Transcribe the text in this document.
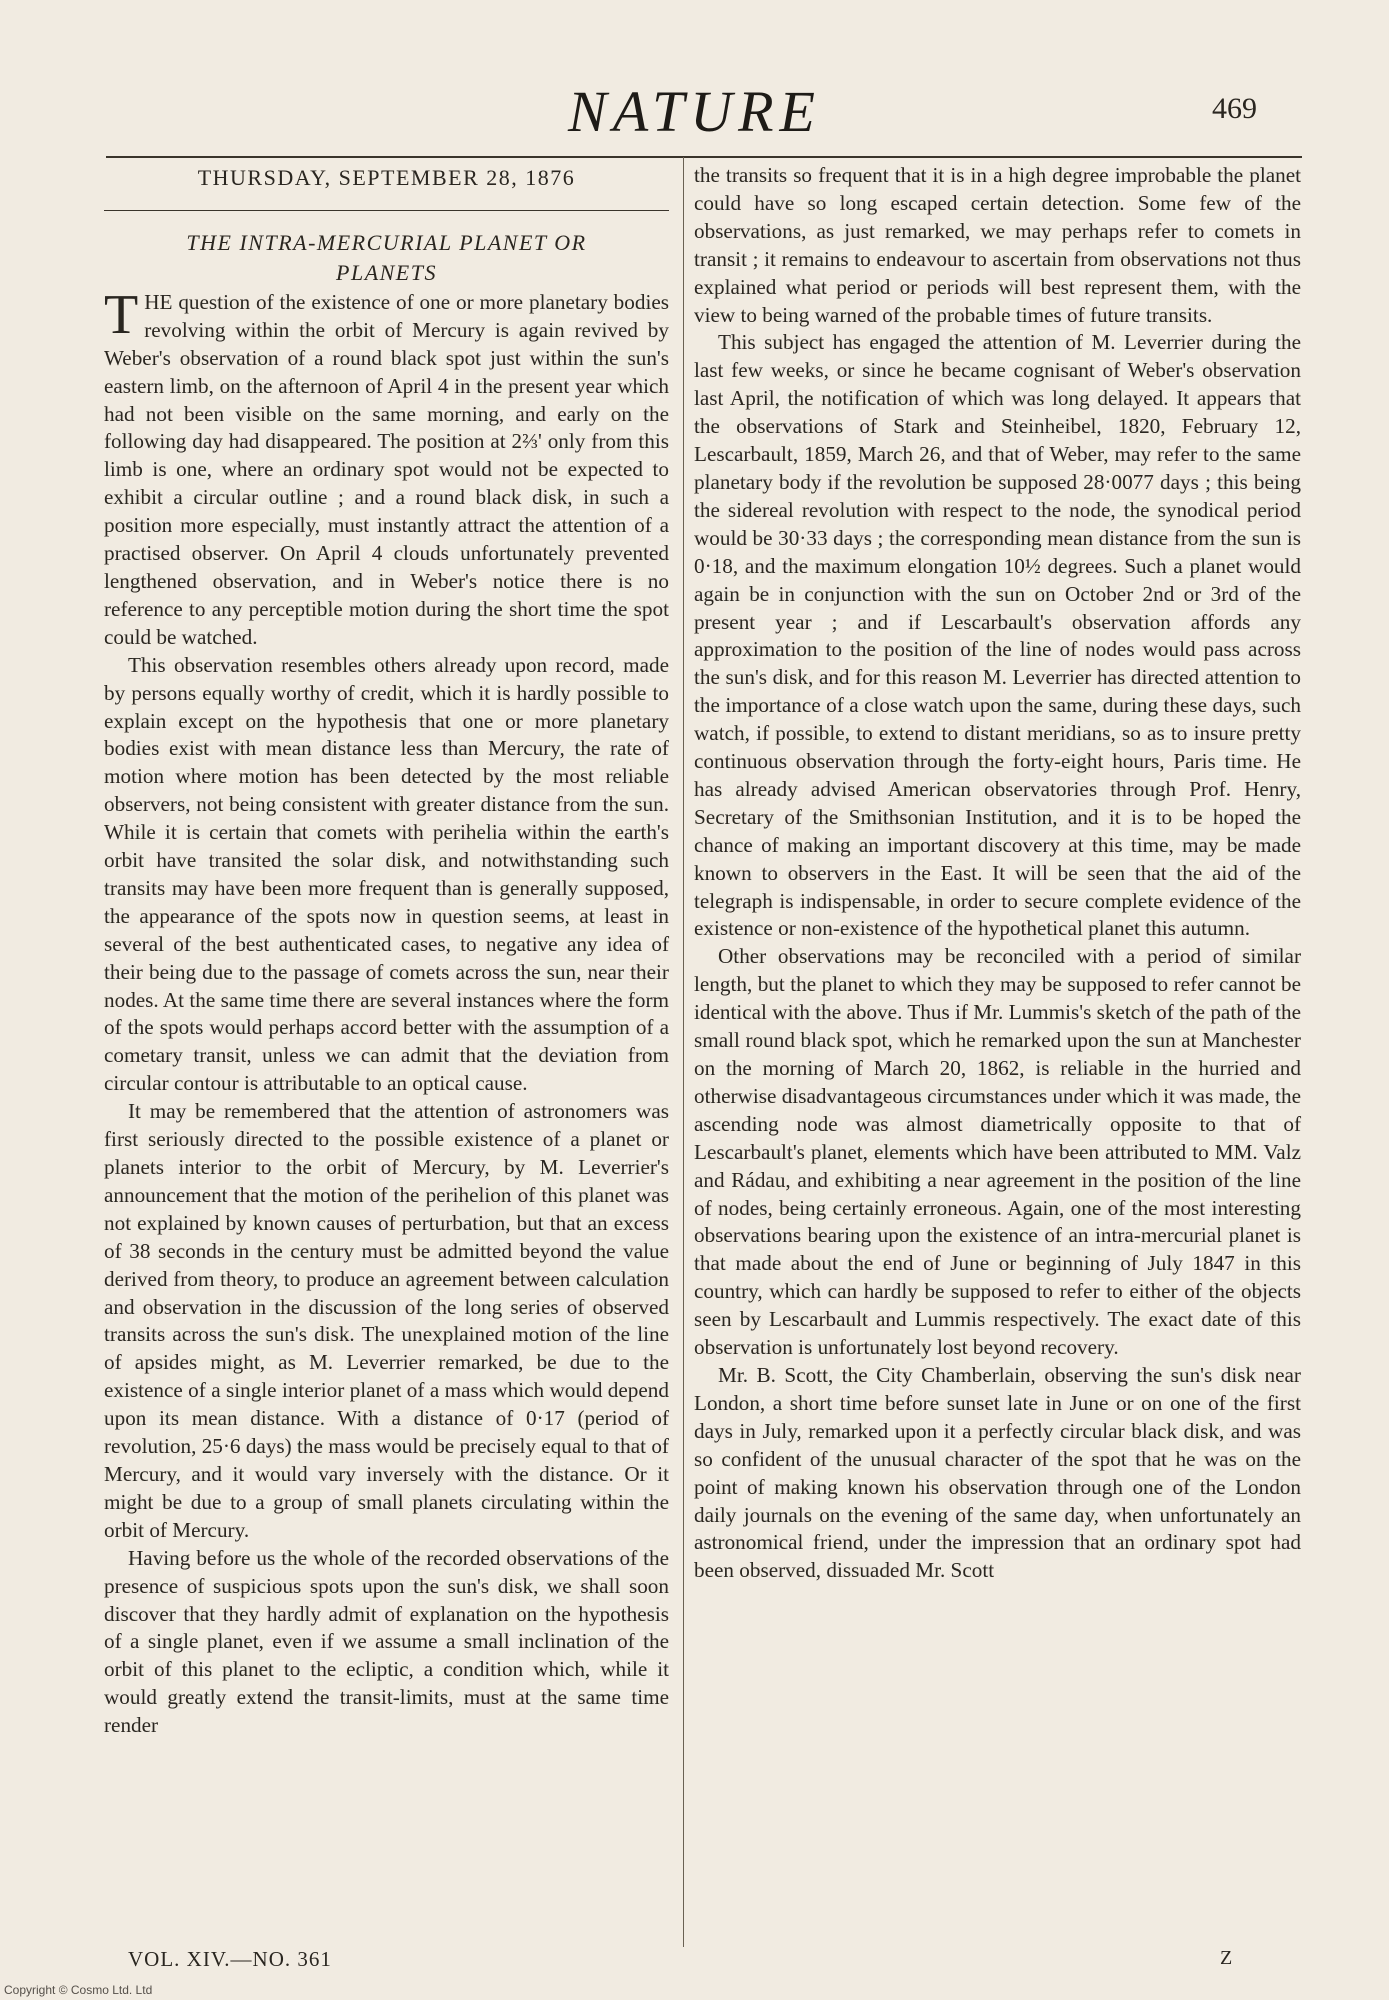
NATURE	469
THURSDAY, SEPTEMBER 28, 1876
THE INTRA-MERCURIAL PLANET OR
PLANETS

THE question of the existence of one or more planetary bodies revolving within the orbit of Mercury is again revived by Weber's observation of a round black spot just within the sun's eastern limb, on the afternoon of April 4 in the present year which had not been visible on the same morning, and early on the following day had disappeared. The position at 2⅔' only from this limb is one, where an ordinary spot would not be expected to exhibit a circular outline ; and a round black disk, in such a position more especially, must instantly attract the attention of a practised observer. On April 4 clouds unfortunately prevented lengthened observation, and in Weber's notice there is no reference to any perceptible motion during the short time the spot could be watched.

This observation resembles others already upon record, made by persons equally worthy of credit, which it is hardly possible to explain except on the hypothesis that one or more planetary bodies exist with mean distance less than Mercury, the rate of motion where motion has been detected by the most reliable observers, not being consistent with greater distance from the sun. While it is certain that comets with perihelia within the earth's orbit have transited the solar disk, and notwithstanding such transits may have been more frequent than is generally supposed, the appearance of the spots now in question seems, at least in several of the best authenticated cases, to negative any idea of their being due to the passage of comets across the sun, near their nodes. At the same time there are several instances where the form of the spots would perhaps accord better with the assumption of a cometary transit, unless we can admit that the deviation from circular contour is attributable to an optical cause.

It may be remembered that the attention of astronomers was first seriously directed to the possible existence of a planet or planets interior to the orbit of Mercury, by M. Leverrier's announcement that the motion of the perihelion of this planet was not explained by known causes of perturbation, but that an excess of 38 seconds in the century must be admitted beyond the value derived from theory, to produce an agreement between calculation and observation in the discussion of the long series of observed transits across the sun's disk. The unexplained motion of the line of apsides might, as M. Leverrier remarked, be due to the existence of a single interior planet of a mass which would depend upon its mean distance. With a distance of 0·17 (period of revolution, 25·6 days) the mass would be precisely equal to that of Mercury, and it would vary inversely with the distance. Or it might be due to a group of small planets circulating within the orbit of Mercury.

Having before us the whole of the recorded observations of the presence of suspicious spots upon the sun's disk, we shall soon discover that they hardly admit of explanation on the hypothesis of a single planet, even if we assume a small inclination of the orbit of this planet to the ecliptic, a condition which, while it would greatly extend the transit-limits, must at the same time render

the transits so frequent that it is in a high degree improbable the planet could have so long escaped certain detection. Some few of the observations, as just remarked, we may perhaps refer to comets in transit ; it remains to endeavour to ascertain from observations not thus explained what period or periods will best represent them, with the view to being warned of the probable times of future transits.

This subject has engaged the attention of M. Leverrier during the last few weeks, or since he became cognisant of Weber's observation last April, the notification of which was long delayed. It appears that the observations of Stark and Steinheibel, 1820, February 12, Lescarbault, 1859, March 26, and that of Weber, may refer to the same planetary body if the revolution be supposed 28·0077 days ; this being the sidereal revolution with respect to the node, the synodical period would be 30·33 days ; the corresponding mean distance from the sun is 0·18, and the maximum elongation 10½ degrees. Such a planet would again be in conjunction with the sun on October 2nd or 3rd of the present year ; and if Lescarbault's observation affords any approximation to the position of the line of nodes would pass across the sun's disk, and for this reason M. Leverrier has directed attention to the importance of a close watch upon the same, during these days, such watch, if possible, to extend to distant meridians, so as to insure pretty continuous observation through the forty-eight hours, Paris time. He has already advised American observatories through Prof. Henry, Secretary of the Smithsonian Institution, and it is to be hoped the chance of making an important discovery at this time, may be made known to observers in the East. It will be seen that the aid of the telegraph is indispensable, in order to secure complete evidence of the existence or non-existence of the hypothetical planet this autumn.

Other observations may be reconciled with a period of similar length, but the planet to which they may be supposed to refer cannot be identical with the above. Thus if Mr. Lummis's sketch of the path of the small round black spot, which he remarked upon the sun at Manchester on the morning of March 20, 1862, is reliable in the hurried and otherwise disadvantageous circumstances under which it was made, the ascending node was almost diametrically opposite to that of Lescarbault's planet, elements which have been attributed to MM. Valz and Rádau, and exhibiting a near agreement in the position of the line of nodes, being certainly erroneous. Again, one of the most interesting observations bearing upon the existence of an intra-mercurial planet is that made about the end of June or beginning of July 1847 in this country, which can hardly be supposed to refer to either of the objects seen by Lescarbault and Lummis respectively. The exact date of this observation is unfortunately lost beyond recovery.

Mr. B. Scott, the City Chamberlain, observing the sun's disk near London, a short time before sunset late in June or on one of the first days in July, remarked upon it a perfectly circular black disk, and was so confident of the unusual character of the spot that he was on the point of making known his observation through one of the London daily journals on the evening of the same day, when unfortunately an astronomical friend, under the impression that an ordinary spot had been observed, dissuaded Mr. Scott

VOL. XIV.—NO. 361	Z
Copyright © Cosmo Ltd. Ltd
